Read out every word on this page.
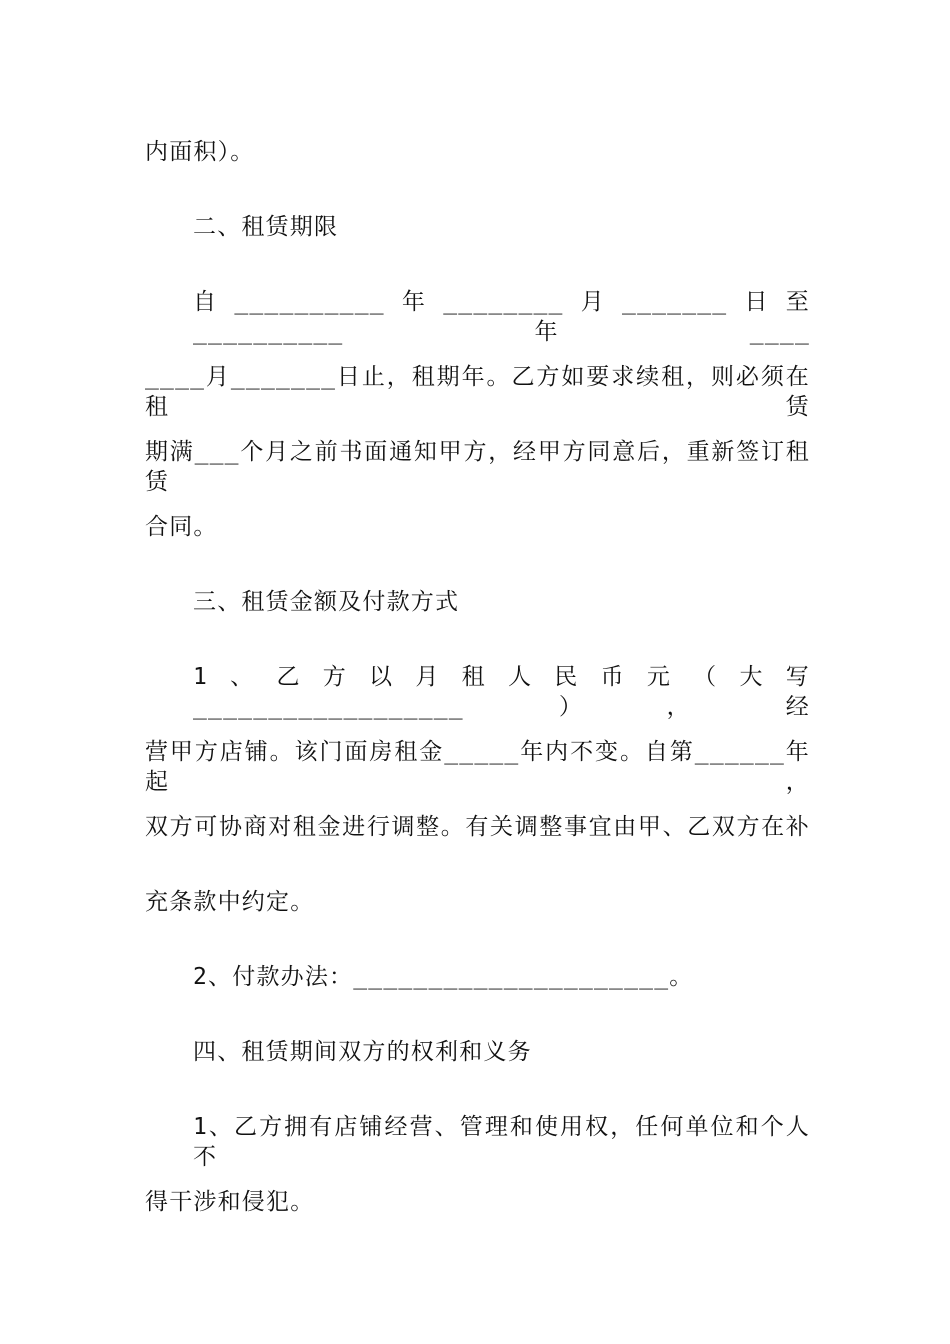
内面积）。
二、租赁期限
自__________年________月_______日至__________年____
____月_______日止，租期年。乙方如要求续租，则必须在租赁
期满___个月之前书面通知甲方，经甲方同意后，重新签订租赁
合同。
三、租赁金额及付款方式
1、乙方以月租人民币元（大写__________________），经
营甲方店铺。该门面房租金_____年内不变。自第______年起，
双方可协商对租金进行调整。有关调整事宜由甲、乙双方在补
充条款中约定。
2、付款办法：_____________________。
四、租赁期间双方的权利和义务
1、乙方拥有店铺经营、管理和使用权，任何单位和个人不
得干涉和侵犯。
